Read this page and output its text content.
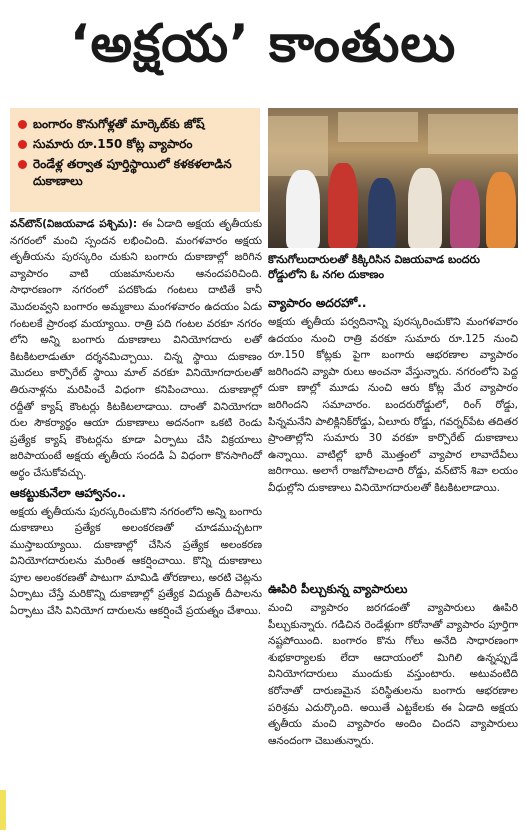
‘అక్షయ’ కాంతులు
బంగారం కొనుగోళ్లతో మార్కెట్‌కు జోష్
సుమారు రూ.150 కోట్ల వ్యాపారం
రెండేళ్ల తర్వాత పూర్తిస్థాయిలో కళకళలాడిన దుకాణాలు
కొనుగోలుదారులతో కిక్కిరిసిన విజయవాడ బందరు రోడ్డులోని ఓ నగల దుకాణం

వన్‌టౌన్‌(విజయవాడ పశ్చిమ): ఈ ఏడాది అక్షయ తృతీయకు నగరంలో మంచి స్పందన లభించింది. మంగళవారం అక్షయ తృతీయను పురస్కరిం చుకుని బంగారు దుకాణాల్లో జరిగిన వ్యాపారం వాటి యజమానులను ఆనందపరిచింది. సాధారణంగా నగరంలో పదకొండు గంటలు దాటితే కానీ మొదలవ్వని బంగారం అమ్మకాలు మంగళవారం ఉదయం ఏడు గంటలకే ప్రారంభ మయ్యాయి. రాత్రి పది గంటల వరకూ నగరం లోని అన్ని బంగారు దుకాణాలు వినియోగదారు లతో కిటకిటలాడుతూ దర్శనమిచ్చాయి. చిన్న స్థాయి దుకాణం మొదలు కార్పొరేట్‌ స్థాయి మాల్‌ వరకూ వినియోగదారులతో తిరునాళ్లను మరిపించే విధంగా కనిపించాయి. దుకాణాల్లో రద్దీతో క్యాష్‌ కౌంటర్లు కిటకిటలాడాయి. దాంతో వినియోగదా రుల సౌకర్యార్థం ఆయా దుకాణాలు అదనంగా ఒకటి రెండు ప్రత్యేక క్యాష్‌ కౌంటర్లను కూడా ఏర్పాటు చేసి విక్రయాలు జరిపాయంటే అక్షయ తృతీయ సందడి ఏ విధంగా కొనసాగిందో అర్థం చేసుకోవచ్చు.

ఆకట్టుకునేలా ఆహ్వానం..

అక్షయ తృతీయను పురస్కరించుకొని నగరంలోని అన్ని బంగారు దుకాణాలు ప్రత్యేక అలంకరణతో చూడముచ్చటగా ముస్తాబయ్యాయి. దుకాణాల్లో చేసిన ప్రత్యేక అలంకరణ వినియోగదారులను మరింత ఆకర్షించాయి. కొన్ని దుకాణాలు పూల అలంకరణతో పాటుగా మామిడి తోరణాలు, అరటి చెట్లను ఏర్పాటు చేస్తే మరికొన్ని దుకాణాల్లో ప్రత్యేక విద్యుత్‌ దీపాలను ఏర్పాటు చేసి వినియోగ దారులను ఆకర్షించే ప్రయత్నం చేశాయి.

వ్యాపారం అదరహో..

అక్షయ తృతీయ పర్వదినాన్ని పురస్కరించుకొని మంగళవారం ఉదయం నుంచి రాత్రి వరకూ సుమారు రూ.125 నుంచి రూ.150 కోట్లకు పైగా బంగారు ఆభరణాల వ్యాపారం జరిగిందని వ్యాపా రులు అంచనా వేస్తున్నారు. నగరంలోని పెద్ద దుకా ణాల్లో మూడు నుంచి ఆరు కోట్ల మేర వ్యాపారం జరిగిందని సమాచారం. బందరురోడ్డులో, రింగ్‌ రోడ్డు, పిన్నమనేని పాలిక్లినిక్‌రోడ్డు, ఏలూరు రోడ్డు, గవర్నర్‌పేట తదితర ప్రాంతాల్లోని సుమారు 30 వరకూ కార్పొరేట్‌ దుకాణాలు ఉన్నాయి. వాటిల్లో భారీ మొత్తంలో వ్యాపార లావాదేవీలు జరిగాయి. అలాగే రాజగోపాలచారి రోడ్డు, వన్‌టౌన్‌ శివా లయం వీధుల్లోని దుకాణాలు వినియోగదారులతో కిటకిటలాడాయి.

ఊపిరి పీల్చుకున్న వ్యాపారులు

మంచి వ్యాపారం జరగడంతో వ్యాపారులు ఊపిరి పీల్చుకున్నారు. గడిచిన రెండేళ్లుగా కరోనాతో వ్యాపారం పూర్తిగా నష్టపోయింది. బంగారం కొను గోలు అనేది సాధారణంగా శుభకార్యాలకు లేదా ఆదాయంలో మిగిలి ఉన్నప్పుడే వినియోగదారులు ముందుకు వస్తుంటారు. అటువంటిది కరోనాతో దారుణమైన పరిస్థితులను బంగారు ఆభరణాల పరిశ్రమ ఎదుర్కొంది. అయితే ఎట్టకేలకు ఈ ఏడాది అక్షయ తృతీయ మంచి వ్యాపారం అందిం చిందని వ్యాపారులు ఆనందంగా చెబుతున్నారు.
